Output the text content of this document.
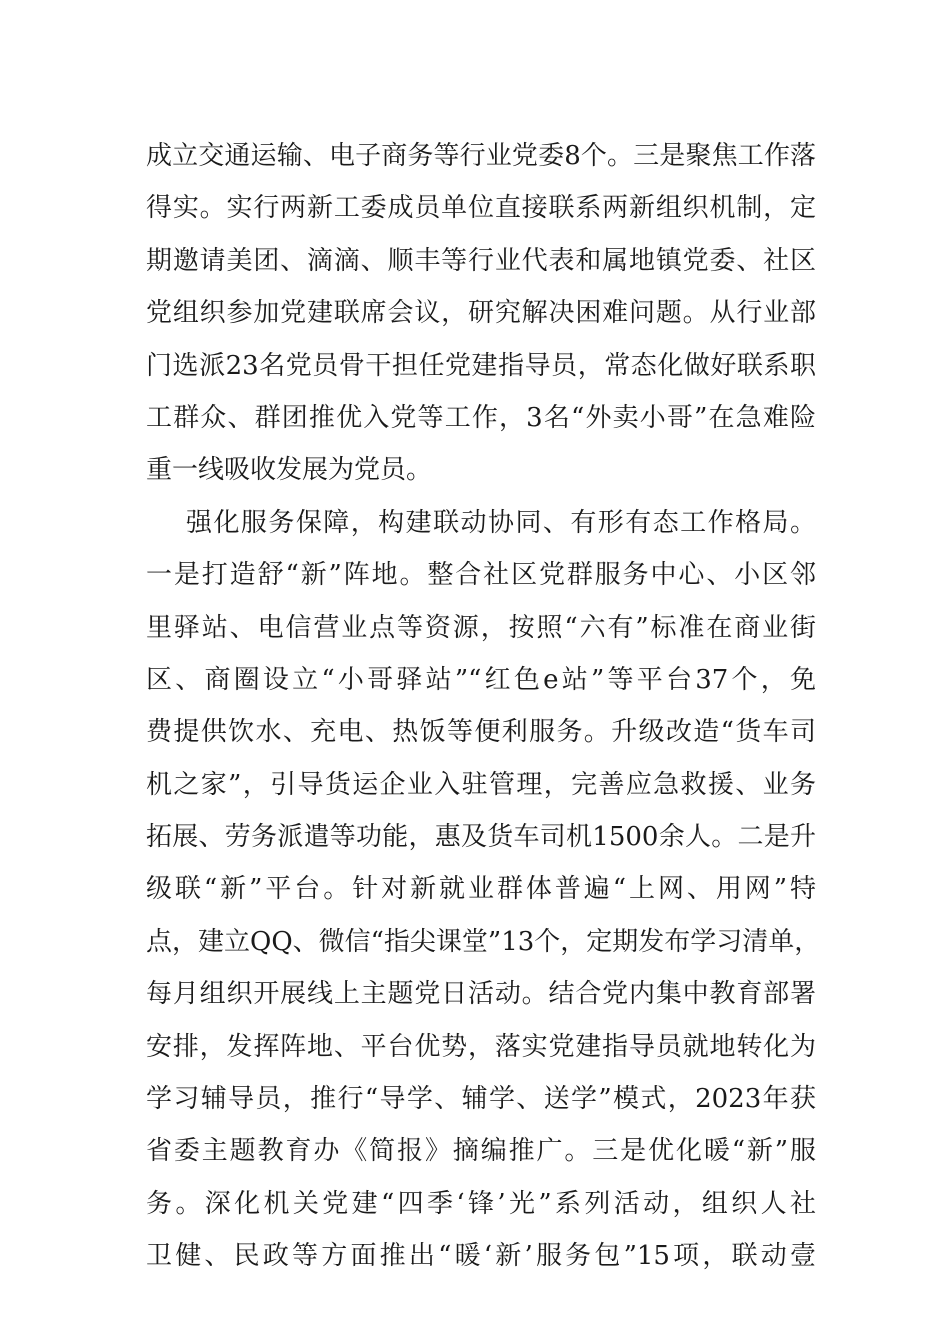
成立交通运输、电子商务等行业党委8个。三是聚焦工作落
得实。实行两新工委成员单位直接联系两新组织机制，定
期邀请美团、滴滴、顺丰等行业代表和属地镇党委、社区
党组织参加党建联席会议，研究解决困难问题。从行业部
门选派23名党员骨干担任党建指导员，常态化做好联系职
工群众、群团推优入党等工作，3名“外卖小哥”在急难险
重一线吸收发展为党员。
强化服务保障，构建联动协同、有形有态工作格局。
一是打造舒“新”阵地。整合社区党群服务中心、小区邻
里驿站、电信营业点等资源，按照“六有”标准在商业街
区、商圈设立“小哥驿站”“红色e站”等平台37个，免
费提供饮水、充电、热饭等便利服务。升级改造“货车司
机之家”，引导货运企业入驻管理，完善应急救援、业务
拓展、劳务派遣等功能，惠及货车司机1500余人。二是升
级联“新”平台。针对新就业群体普遍“上网、用网”特
点，建立QQ、微信“指尖课堂”13个，定期发布学习清单，
每月组织开展线上主题党日活动。结合党内集中教育部署
安排，发挥阵地、平台优势，落实党建指导员就地转化为
学习辅导员，推行“导学、辅学、送学”模式，2023年获
省委主题教育办《简报》摘编推广。三是优化暖“新”服
务。深化机关党建“四季‘锋’光”系列活动，组织人社
卫健、民政等方面推出“暖‘新’服务包”15项，联动壹
